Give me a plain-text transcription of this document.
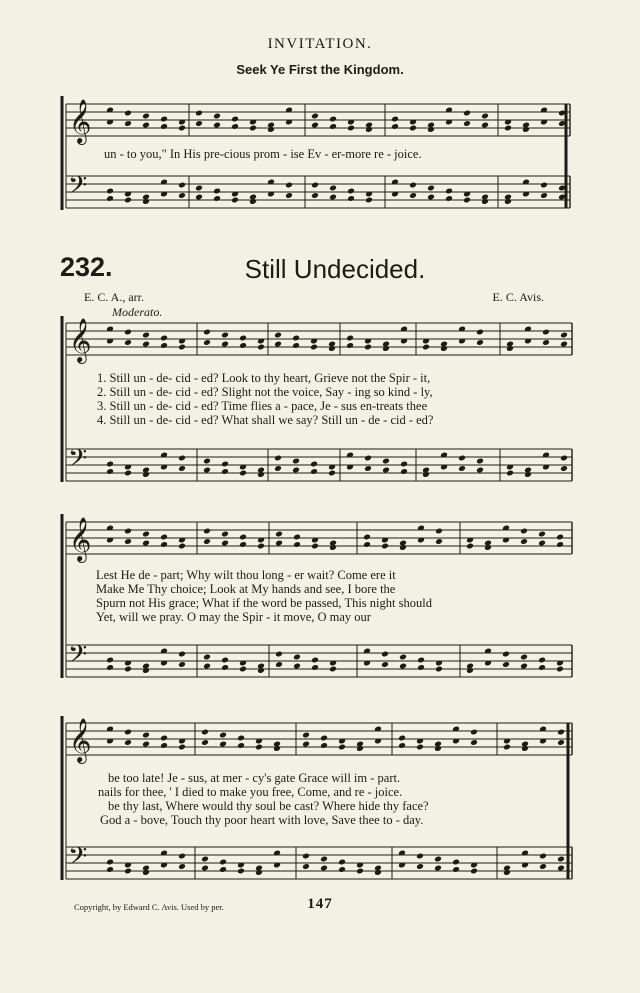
INVITATION.
Seek Ye First the Kingdom.
𝄞
𝄢
𝄞
𝄢
𝄞
𝄢
𝄞
𝄢
un - to you," In His pre-cious prom - ise Ev - er-more re - joice.
232.	Still Undecided.
E. C. A., arr.	E. C. Avis.
Moderato.
1. Still un - de- cid - ed? Look to thy heart, Grieve not the Spir - it,
2. Still un - de- cid - ed? Slight not the voice, Say - ing so kind - ly,
3. Still un - de- cid - ed? Time flies a - pace, Je - sus en-treats thee
4. Still un - de- cid - ed? What shall we say? Still un - de - cid - ed?
Lest He de - part; Why wilt thou long - er wait? Come ere it
Make Me Thy choice; Look at My hands and see, I bore the
Spurn not His grace; What if the word be passed, This night should
Yet, will we pray. O may the Spir - it move, O may our
be too late! Je - sus, at mer - cy's gate Grace will im - part.
nails for thee, ' I died to make you free, Come, and re - joice.
be thy last, Where would thy soul be cast? Where hide thy face?
God a - bove, Touch thy poor heart with love, Save thee to - day.
Copyright, by Edward C. Avis. Used by per.	147
